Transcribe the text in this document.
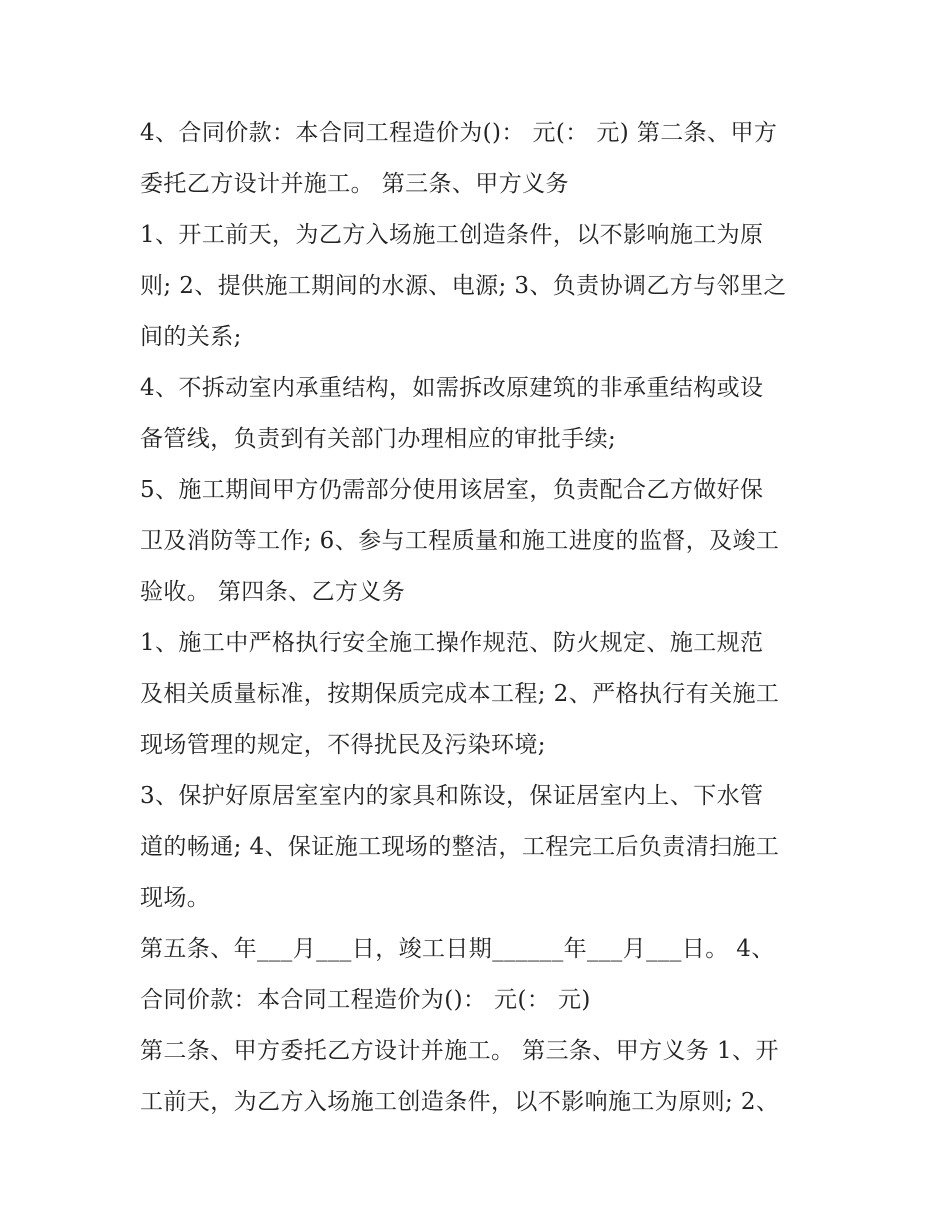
4、合同价款：本合同工程造价为()： 元(： 元) 第二条、甲方
委托乙方设计并施工。 第三条、甲方义务
1、开工前天，为乙方入场施工创造条件，以不影响施工为原
则; 2、提供施工期间的水源、电源; 3、负责协调乙方与邻里之
间的关系;
4、不拆动室内承重结构，如需拆改原建筑的非承重结构或设
备管线，负责到有关部门办理相应的审批手续;
5、施工期间甲方仍需部分使用该居室，负责配合乙方做好保
卫及消防等工作; 6、参与工程质量和施工进度的监督，及竣工
验收。 第四条、乙方义务
1、施工中严格执行安全施工操作规范、防火规定、施工规范
及相关质量标准，按期保质完成本工程; 2、严格执行有关施工
现场管理的规定，不得扰民及污染环境;
3、保护好原居室室内的家具和陈设，保证居室内上、下水管
道的畅通; 4、保证施工现场的整洁，工程完工后负责清扫施工
现场。
第五条、年___月___日，竣工日期______年___月___日。 4、
合同价款：本合同工程造价为()： 元(： 元)
第二条、甲方委托乙方设计并施工。 第三条、甲方义务 1、开
工前天，为乙方入场施工创造条件，以不影响施工为原则; 2、
